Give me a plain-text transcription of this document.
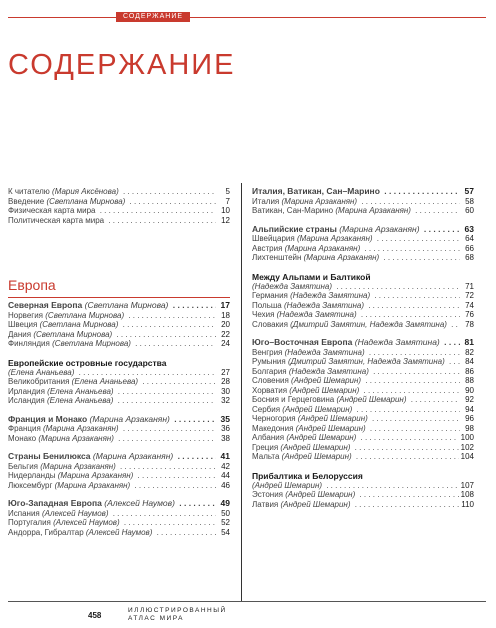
СОДЕРЖАНИЕ
СОДЕРЖАНИЕ
К читателю (Мария Аксёнова) . . .	5
Введение (Светлана Мирнова) . . .	7
Физическая карта мира . . .	10
Политическая карта мира . . .	12
Европа
Северная Европа (Светлана Мирнова) . . .	17
Норвегия (Светлана Мирнова) . . .	18
Швеция (Светлана Мирнова) . . .	20
Дания (Светлана Мирнова) . . .	22
Финляндия (Светлана Мирнова) . . .	24
Европейские островные государства
(Елена Ананьева) . . .	27
Великобритания (Елена Ананьева) . . .	28
Ирландия (Елена Ананьева) . . .	30
Исландия (Елена Ананьева) . . .	32
Франция и Монако (Марина Арзаканян) . . .	35
Франция (Марина Арзаканян) . . .	36
Монако (Марина Арзаканян) . . .	38
Страны Бенилюкса (Марина Арзаканян) . . .	41
Бельгия (Марина Арзаканян) . . .	42
Нидерланды (Марина Арзаканян) . . .	44
Люксембург (Марина Арзаканян) . . .	46
Юго-Западная Европа (Алексей Наумов) . . .	49
Испания (Алексей Наумов) . . .	50
Португалия (Алексей Наумов) . . .	52
Андорра, Гибралтар (Алексей Наумов) . . .	54
Италия, Ватикан, Сан–Марино . . .	57
Италия (Марина Арзаканян) . . .	58
Ватикан, Сан-Марино (Марина Арзаканян) . . .	60
Альпийские страны (Марина Арзаканян) . . .	63
Швейцария (Марина Арзаканян) . . .	64
Австрия (Марина Арзаканян) . . .	66
Лихтенштейн (Марина Арзаканян) . . .	68
Между Альпами и Балтикой
(Надежда Замятина) . . .	71
Германия (Надежда Замятина) . . .	72
Польша (Надежда Замятина) . . .	74
Чехия (Надежда Замятина) . . .	76
Словакия (Дмитрий Замятин, Надежда Замятина) . . .	78
Юго–Восточная Европа (Надежда Замятина) . . .	81
Венгрия (Надежда Замятина) . . .	82
Румыния (Дмитрий Замятин, Надежда Замятина) . . .	84
Болгария (Надежда Замятина) . . .	86
Словения (Андрей Шемарин) . . .	88
Хорватия (Андрей Шемарин) . . .	90
Босния и Герцеговина (Андрей Шемарин) . . .	92
Сербия (Андрей Шемарин) . . .	94
Черногория (Андрей Шемарин) . . .	96
Македония (Андрей Шемарин) . . .	98
Албания (Андрей Шемарин) . . .	100
Греция (Андрей Шемарин) . . .	102
Мальта (Андрей Шемарин) . . .	104
Прибалтика и Белоруссия
(Андрей Шемарин) . . .	107
Эстония (Андрей Шемарин) . . .	108
Латвия (Андрей Шемарин) . . .	110
458
ИЛЛЮСТРИРОВАННЫЙ
АТЛАС МИРА
